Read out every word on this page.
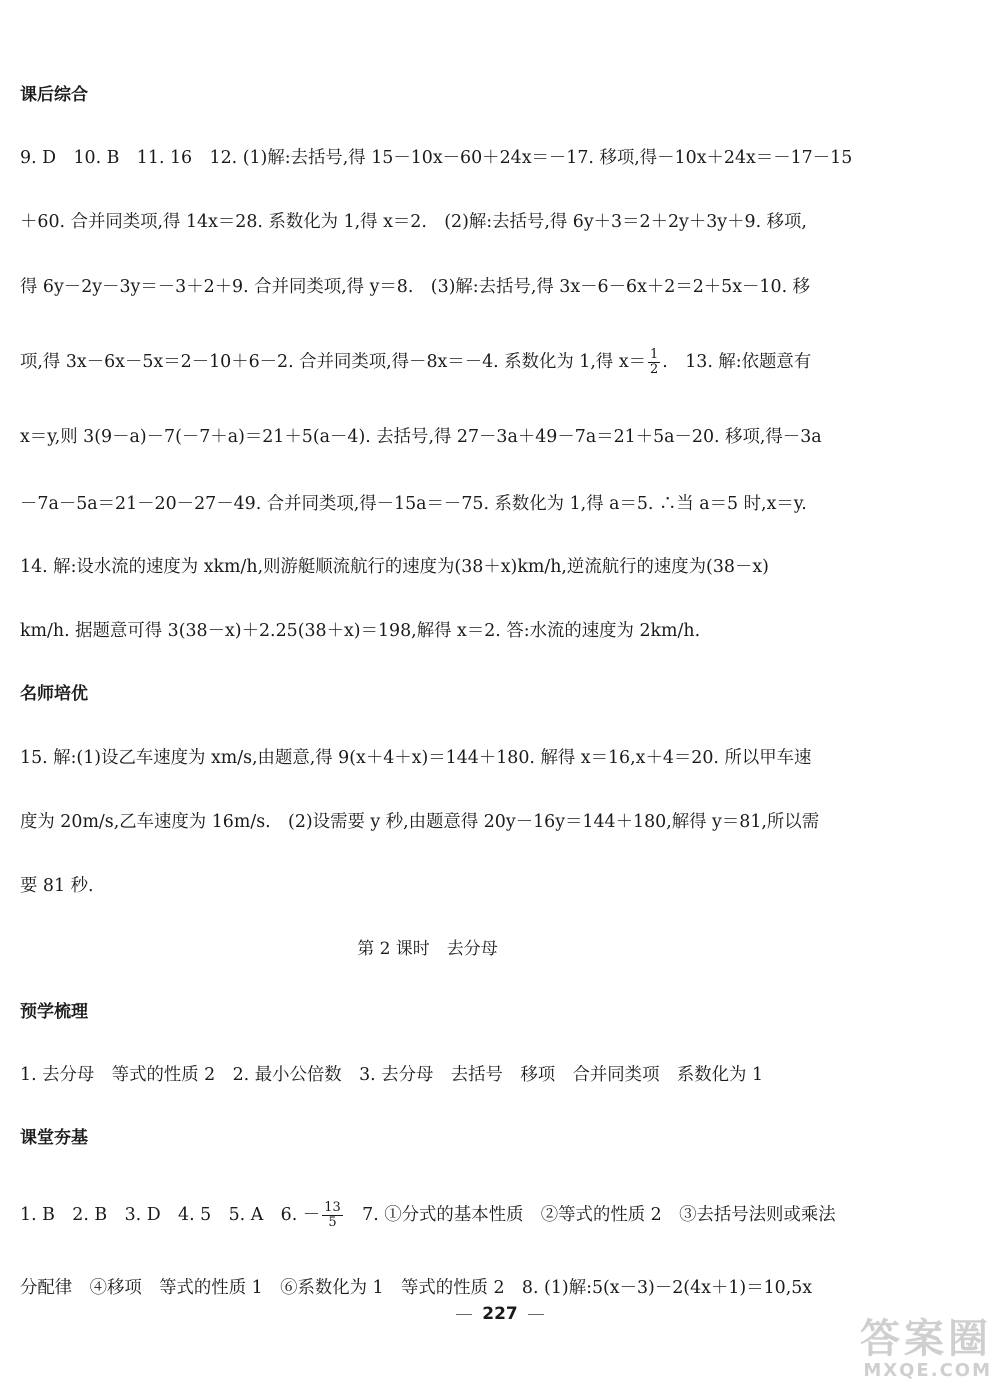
课后综合
9. D　10. B　11. 16　12. (1)解:去括号,得 15－10x－60＋24x＝－17. 移项,得－10x＋24x＝－17－15
＋60. 合并同类项,得 14x＝28. 系数化为 1,得 x＝2.　(2)解:去括号,得 6y＋3＝2＋2y＋3y＋9. 移项,
得 6y－2y－3y＝－3＋2＋9. 合并同类项,得 y＝8.　(3)解:去括号,得 3x－6－6x＋2＝2＋5x－10. 移
项,得 3x－6x－5x＝2－10＋6－2. 合并同类项,得－8x＝－4. 系数化为 1,得 $x= \frac{1}{2}$ .　13. 解:依题意有
x＝y,则 3(9－a)－7(－7＋a)＝21＋5(a－4). 去括号,得 27－3a＋49－7a＝21＋5a－20. 移项,得－3a
－7a－5a＝21－20－27－49. 合并同类项,得－15a＝－75. 系数化为 1,得 a＝5. ∴当 a＝5 时,x＝y.
14. 解:设水流的速度为 xkm/h,则游艇顺流航行的速度为(38＋x)km/h,逆流航行的速度为(38－x)
km/h. 据题意可得 3(38－x)＋2.25(38＋x)＝198,解得 x＝2. 答:水流的速度为 2km/h.
名师培优
15. 解:(1)设乙车速度为 xm/s,由题意,得 9(x＋4＋x)＝144＋180. 解得 x＝16,x＋4＝20. 所以甲车速
度为 20m/s,乙车速度为 16m/s.　(2)设需要 y 秒,由题意得 20y－16y＝144＋180,解得 y＝81,所以需
要 81 秒.
第 2 课时　去分母
预学梳理
1. 去分母　等式的性质 2　2. 最小公倍数　3. 去分母　去括号　移项　合并同类项　系数化为 1
课堂夯基
1. B　2. B　3. D　4. 5　5. A　6. － $\frac{13}{5}$ 　7. ①分式的基本性质　②等式的性质 2　③去括号法则或乘法
分配律　④移项　等式的性质 1　⑥系数化为 1　等式的性质 2　8. (1)解:5(x－3)－2(4x＋1)＝10,5x
227
答案圈
MXQE.COM
